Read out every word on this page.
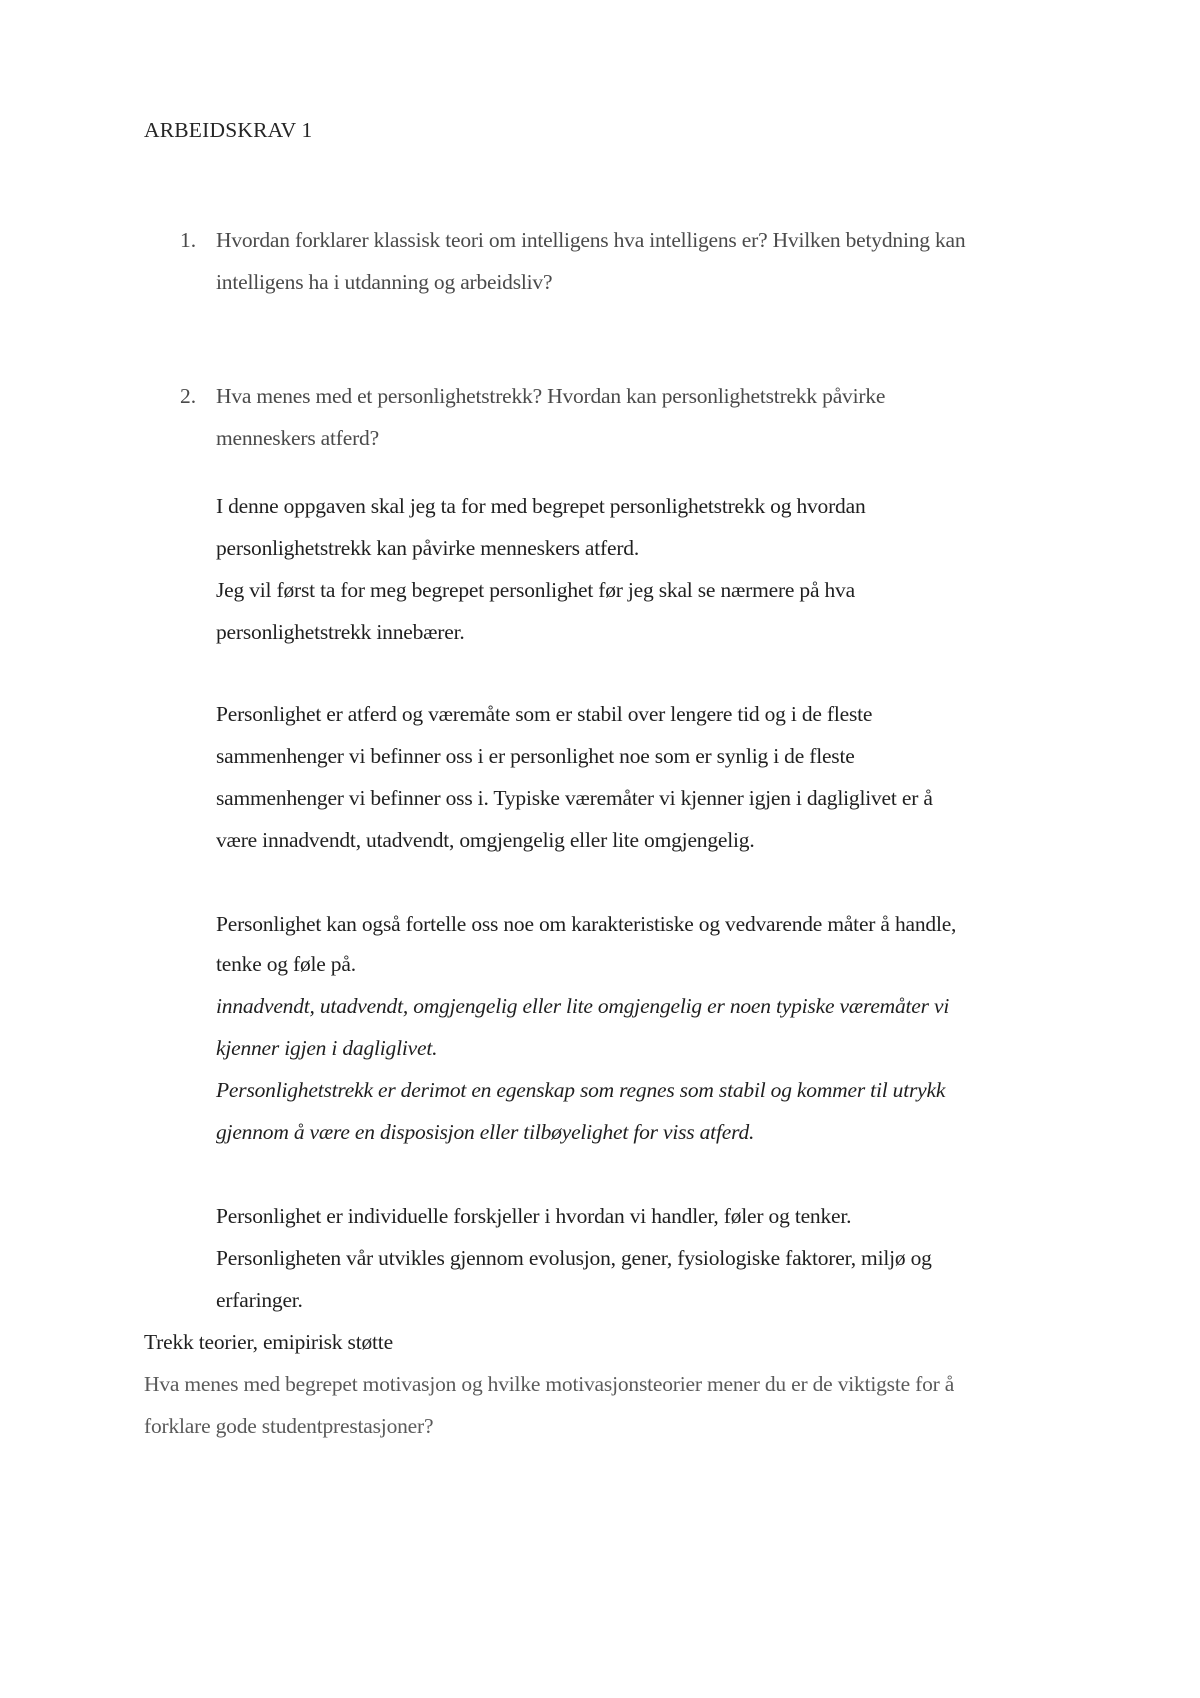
ARBEIDSKRAV 1
1. Hvordan forklarer klassisk teori om intelligens hva intelligens er? Hvilken betydning kan
intelligens ha i utdanning og arbeidsliv?
2. Hva menes med et personlighetstrekk? Hvordan kan personlighetstrekk påvirke
menneskers atferd?
I denne oppgaven skal jeg ta for med begrepet personlighetstrekk og hvordan
personlighetstrekk kan påvirke menneskers atferd.
Jeg vil først ta for meg begrepet personlighet før jeg skal se nærmere på hva
personlighetstrekk innebærer.
Personlighet er atferd og væremåte som er stabil over lengere tid og i de fleste
sammenhenger vi befinner oss i er personlighet noe som er synlig i de fleste
sammenhenger vi befinner oss i. Typiske væremåter vi kjenner igjen i dagliglivet er å
være innadvendt, utadvendt, omgjengelig eller lite omgjengelig.
Personlighet kan også fortelle oss noe om karakteristiske og vedvarende måter å handle,
tenke og føle på.
innadvendt, utadvendt, omgjengelig eller lite omgjengelig er noen typiske væremåter vi
kjenner igjen i dagliglivet.
Personlighetstrekk er derimot en egenskap som regnes som stabil og kommer til utrykk
gjennom å være en disposisjon eller tilbøyelighet for viss atferd.
Personlighet er individuelle forskjeller i hvordan vi handler, føler og tenker.
Personligheten vår utvikles gjennom evolusjon, gener, fysiologiske faktorer, miljø og
erfaringer.
Trekk teorier, emipirisk støtte
Hva menes med begrepet motivasjon og hvilke motivasjonsteorier mener du er de viktigste for å
forklare gode studentprestasjoner?
